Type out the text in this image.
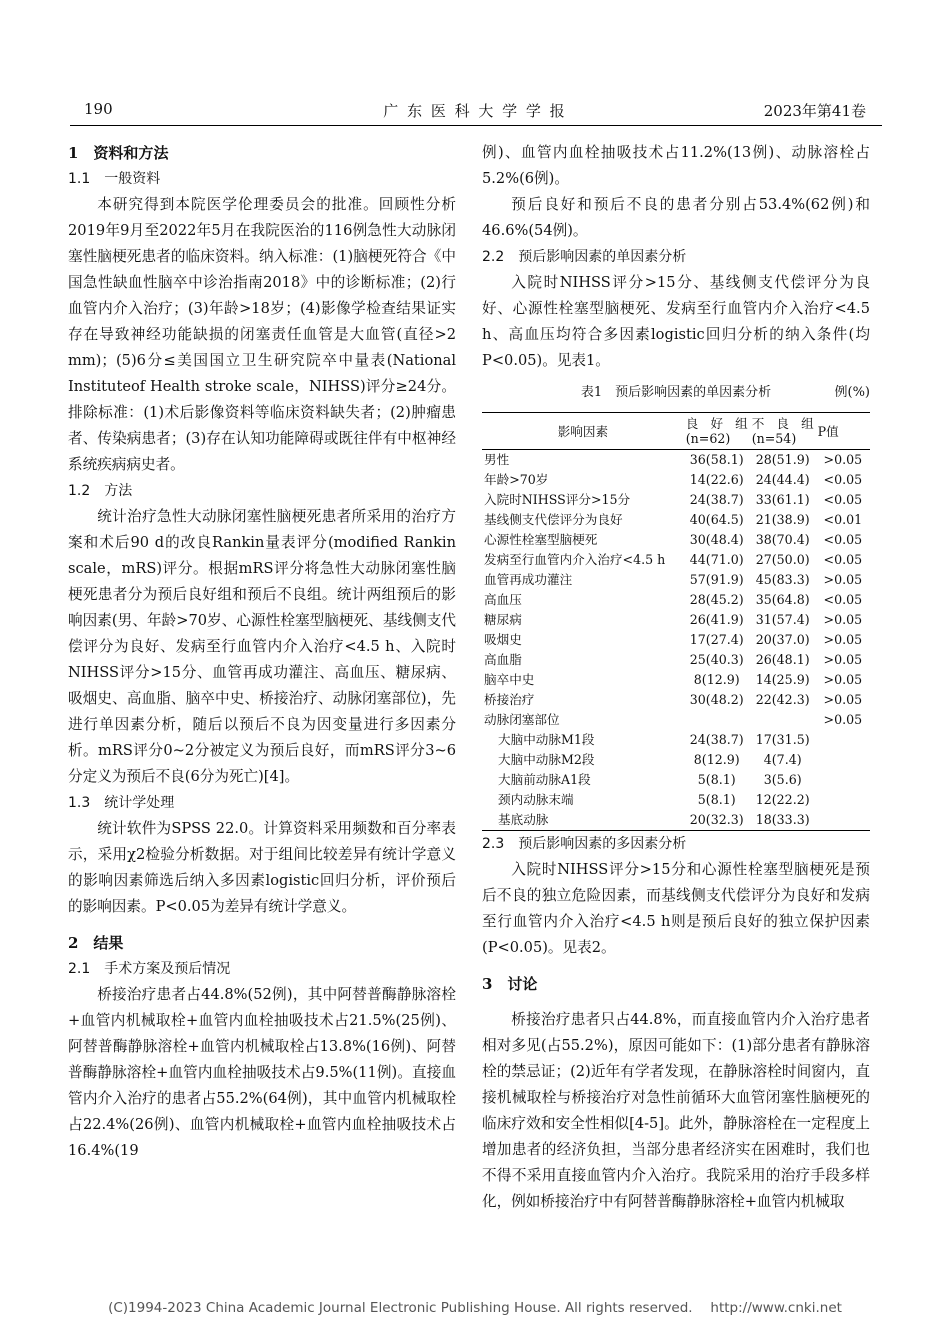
190	广 东 医 科 大 学 学 报	2023年第41卷
1　资料和方法
1.1　一般资料
本研究得到本院医学伦理委员会的批准。回顾性分析2019年9月至2022年5月在我院医治的116例急性大动脉闭塞性脑梗死患者的临床资料。纳入标准：(1)脑梗死符合《中国急性缺血性脑卒中诊治指南2018》中的诊断标准；(2)行血管内介入治疗；(3)年龄>18岁；(4)影像学检查结果证实存在导致神经功能缺损的闭塞责任血管是大血管(直径>2 mm)；(5)6分≤美国国立卫生研究院卒中量表(National Instituteof Health stroke scale，NIHSS)评分≥24分。排除标准：(1)术后影像资料等临床资料缺失者；(2)肿瘤患者、传染病患者；(3)存在认知功能障碍或既往伴有中枢神经系统疾病病史者。
1.2　方法
统计治疗急性大动脉闭塞性脑梗死患者所采用的治疗方案和术后90 d的改良Rankin量表评分(modified Rankin scale，mRS)评分。根据mRS评分将急性大动脉闭塞性脑梗死患者分为预后良好组和预后不良组。统计两组预后的影响因素(男、年龄>70岁、心源性栓塞型脑梗死、基线侧支代偿评分为良好、发病至行血管内介入治疗<4.5 h、入院时NIHSS评分>15分、血管再成功灌注、高血压、糖尿病、吸烟史、高血脂、脑卒中史、桥接治疗、动脉闭塞部位)，先进行单因素分析，随后以预后不良为因变量进行多因素分析。mRS评分0~2分被定义为预后良好，而mRS评分3~6分定义为预后不良(6分为死亡)[4]。
1.3　统计学处理
统计软件为SPSS 22.0。计算资料采用频数和百分率表示，采用χ2检验分析数据。对于组间比较差异有统计学意义的影响因素筛选后纳入多因素logistic回归分析，评价预后的影响因素。P<0.05为差异有统计学意义。
2　结果
2.1　手术方案及预后情况
桥接治疗患者占44.8%(52例)，其中阿替普酶静脉溶栓+血管内机械取栓+血管内血栓抽吸技术占21.5%(25例)、阿替普酶静脉溶栓+血管内机械取栓占13.8%(16例)、阿替普酶静脉溶栓+血管内血栓抽吸技术占9.5%(11例)。直接血管内介入治疗的患者占55.2%(64例)，其中血管内机械取栓占22.4%(26例)、血管内机械取栓+血管内血栓抽吸技术占16.4%(19
例)、血管内血栓抽吸技术占11.2%(13例)、动脉溶栓占5.2%(6例)。
预后良好和预后不良的患者分别占53.4%(62例)和46.6%(54例)。
2.2　预后影响因素的单因素分析
入院时NIHSS评分>15分、基线侧支代偿评分为良好、心源性栓塞型脑梗死、发病至行血管内介入治疗<4.5 h、高血压均符合多因素logistic回归分析的纳入条件(均P<0.05)。见表1。
表1　预后影响因素的单因素分析	例(%)
影响因素	良好组(n=62)	不良组(n=54)	P值
男性	36(58.1)	28(51.9)	>0.05
年龄>70岁	14(22.6)	24(44.4)	<0.05
入院时NIHSS评分>15分	24(38.7)	33(61.1)	<0.05
基线侧支代偿评分为良好	40(64.5)	21(38.9)	<0.01
心源性栓塞型脑梗死	30(48.4)	38(70.4)	<0.05
发病至行血管内介入治疗<4.5 h	44(71.0)	27(50.0)	<0.05
血管再成功灌注	57(91.9)	45(83.3)	>0.05
高血压	28(45.2)	35(64.8)	<0.05
糖尿病	26(41.9)	31(57.4)	>0.05
吸烟史	17(27.4)	20(37.0)	>0.05
高血脂	25(40.3)	26(48.1)	>0.05
脑卒中史	8(12.9)	14(25.9)	>0.05
桥接治疗	30(48.2)	22(42.3)	>0.05
动脉闭塞部位			>0.05
大脑中动脉M1段	24(38.7)	17(31.5)	
大脑中动脉M2段	8(12.9)	4(7.4)	
大脑前动脉A1段	5(8.1)	3(5.6)	
颈内动脉末端	5(8.1)	12(22.2)	
基底动脉	20(32.3)	18(33.3)	
2.3　预后影响因素的多因素分析
入院时NIHSS评分>15分和心源性栓塞型脑梗死是预后不良的独立危险因素，而基线侧支代偿评分为良好和发病至行血管内介入治疗<4.5 h则是预后良好的独立保护因素(P<0.05)。见表2。
3　讨论
桥接治疗患者只占44.8%，而直接血管内介入治疗患者相对多见(占55.2%)，原因可能如下：(1)部分患者有静脉溶栓的禁忌证；(2)近年有学者发现，在静脉溶栓时间窗内，直接机械取栓与桥接治疗对急性前循环大血管闭塞性脑梗死的临床疗效和安全性相似[4-5]。此外，静脉溶栓在一定程度上增加患者的经济负担，当部分患者经济实在困难时，我们也不得不采用直接血管内介入治疗。我院采用的治疗手段多样化，例如桥接治疗中有阿替普酶静脉溶栓+血管内机械取
(C)1994-2023 China Academic Journal Electronic Publishing House. All rights reserved.　 http://www.cnki.net
